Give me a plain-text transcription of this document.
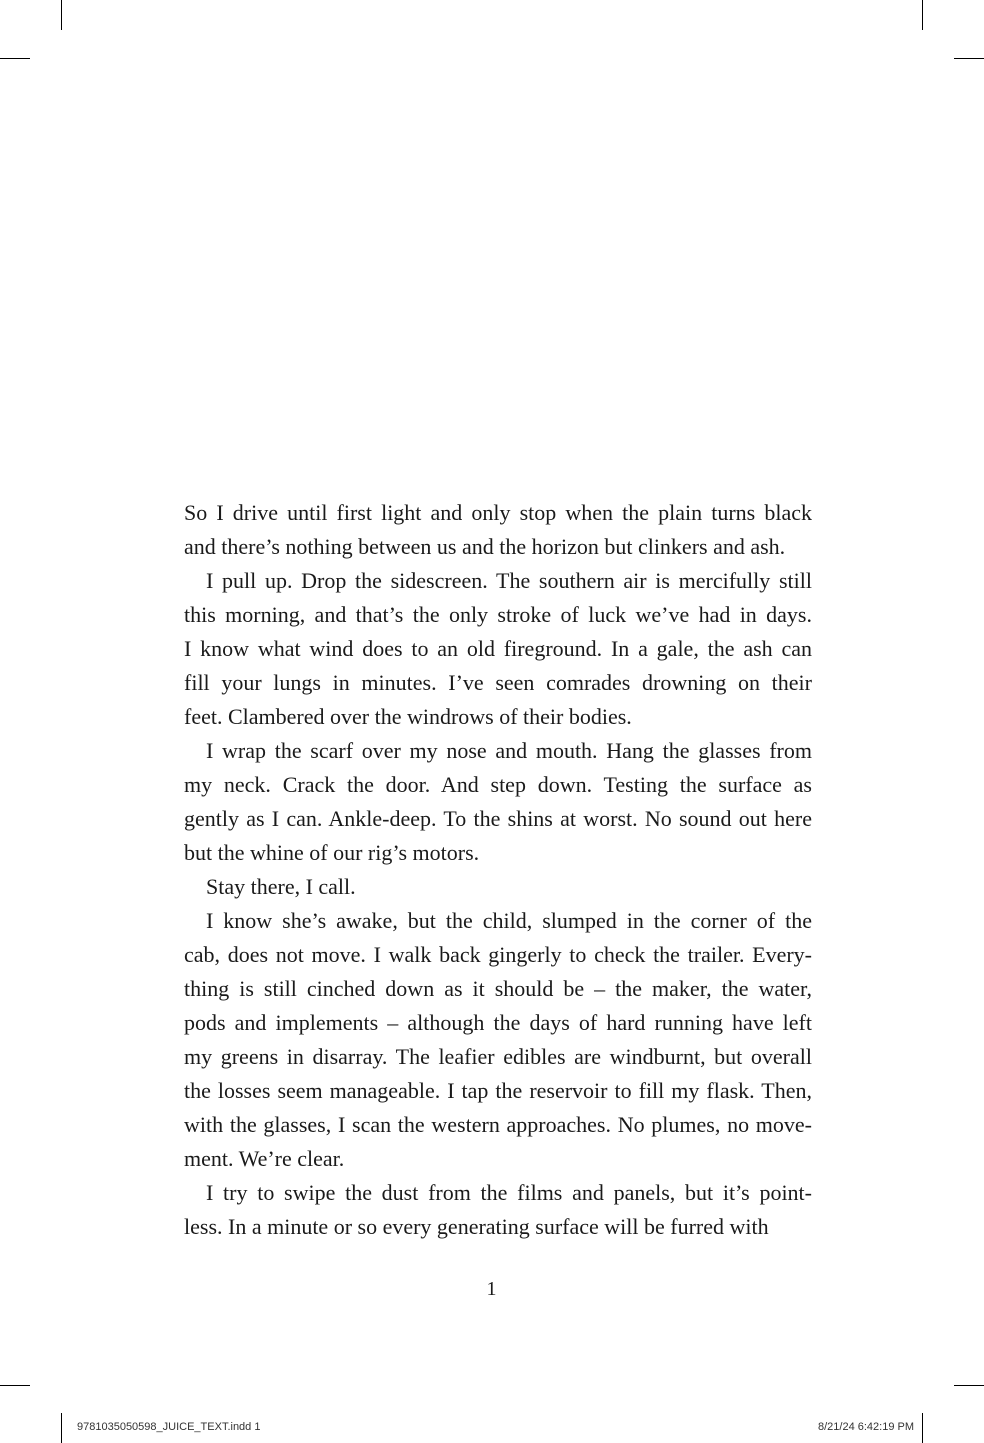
So I drive until first light and only stop when the plain turns black
and there’s nothing between us and the horizon but clinkers and ash.
I pull up. Drop the sidescreen. The southern air is mercifully still
this morning, and that’s the only stroke of luck we’ve had in days.
I know what wind does to an old fireground. In a gale, the ash can
fill your lungs in minutes. I’ve seen comrades drowning on their
feet. Clambered over the windrows of their bodies.
I wrap the scarf over my nose and mouth. Hang the glasses from
my neck. Crack the door. And step down. Testing the surface as
gently as I can. Ankle-deep. To the shins at worst. No sound out here
but the whine of our rig’s motors.
Stay there, I call.
I know she’s awake, but the child, slumped in the corner of the
cab, does not move. I walk back gingerly to check the trailer. Every-
thing is still cinched down as it should be – the maker, the water,
pods and implements – although the days of hard running have left
my greens in disarray. The leafier edibles are windburnt, but overall
the losses seem manageable. I tap the reservoir to fill my flask. Then,
with the glasses, I scan the western approaches. No plumes, no move-
ment. We’re clear.
I try to swipe the dust from the films and panels, but it’s point-
less. In a minute or so every generating surface will be furred with
1
9781035050598_JUICE_TEXT.indd 1	8/21/24 6:42:19 PM
